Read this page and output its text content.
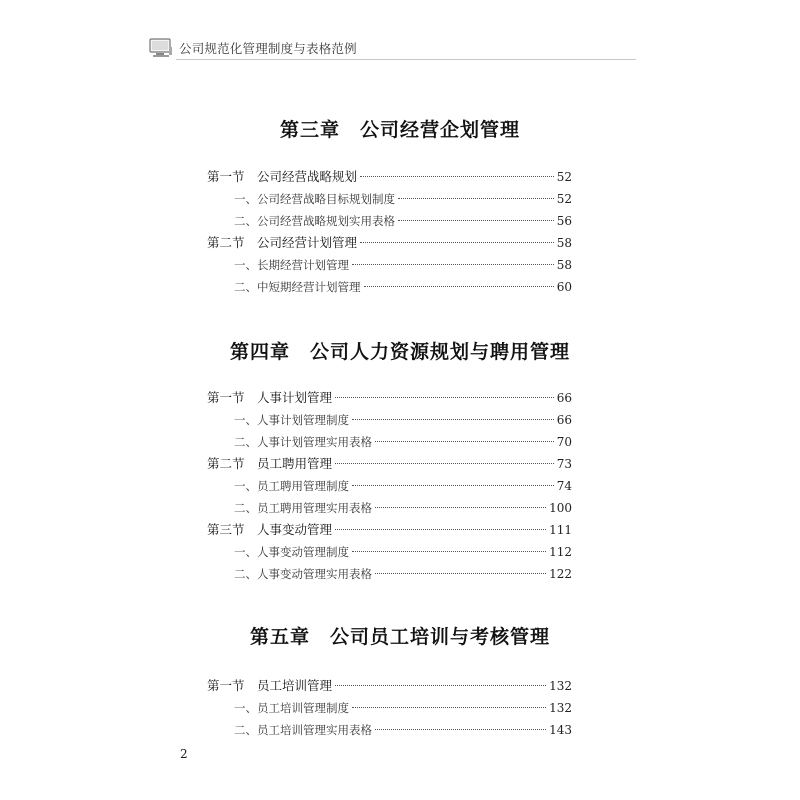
公司规范化管理制度与表格范例
第三章　公司经营企划管理
第一节　公司经营战略规划	52
一、公司经营战略目标规划制度	52
二、公司经营战略规划实用表格	56
第二节　公司经营计划管理	58
一、长期经营计划管理	58
二、中短期经营计划管理	60
第四章　公司人力资源规划与聘用管理
第一节　人事计划管理	66
一、人事计划管理制度	66
二、人事计划管理实用表格	70
第二节　员工聘用管理	73
一、员工聘用管理制度	74
二、员工聘用管理实用表格	100
第三节　人事变动管理	111
一、人事变动管理制度	112
二、人事变动管理实用表格	122
第五章　公司员工培训与考核管理
第一节　员工培训管理	132
一、员工培训管理制度	132
二、员工培训管理实用表格	143
2
